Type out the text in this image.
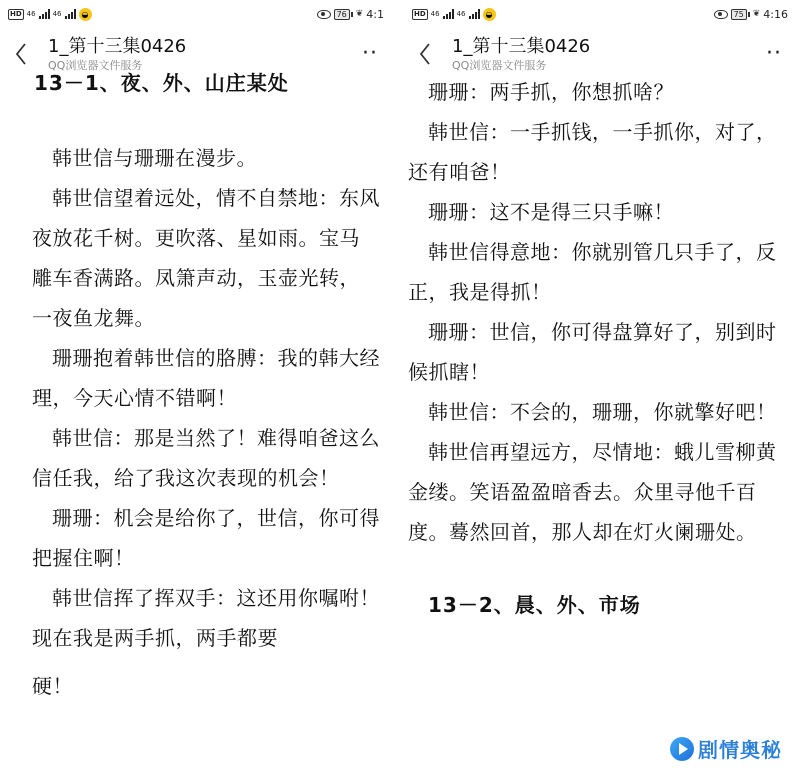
HD 46 46	◒	76	❦ 4:1
1_第十三集0426
QQ浏览器文件服务	··
13－1、夜、外、山庄某处

韩世信与珊珊在漫步。

韩世信望着远处，情不自禁地：东风夜放花千树。更吹落、星如雨。宝马雕车香满路。凤箫声动，玉壶光转，一夜鱼龙舞。

珊珊抱着韩世信的胳膊：我的韩大经理，今天心情不错啊！

韩世信：那是当然了！难得咱爸这么信任我，给了我这次表现的机会！

珊珊：机会是给你了，世信，你可得把握住啊！

韩世信挥了挥双手：这还用你嘱咐！现在我是两手抓，两手都要

硬！

HD 46 46	◒	75	❦ 4:16
1_第十三集0426
QQ浏览器文件服务	··

珊珊：两手抓，你想抓啥？

韩世信：一手抓钱，一手抓你，对了，还有咱爸！

珊珊：这不是得三只手嘛！

韩世信得意地：你就别管几只手了，反正，我是得抓！

珊珊：世信，你可得盘算好了，别到时候抓瞎！

韩世信：不会的，珊珊，你就擎好吧！

韩世信再望远方，尽情地：蛾儿雪柳黄金缕。笑语盈盈暗香去。众里寻他千百度。蓦然回首，那人却在灯火阑珊处。

13－2、晨、外、市场
剧情奥秘
